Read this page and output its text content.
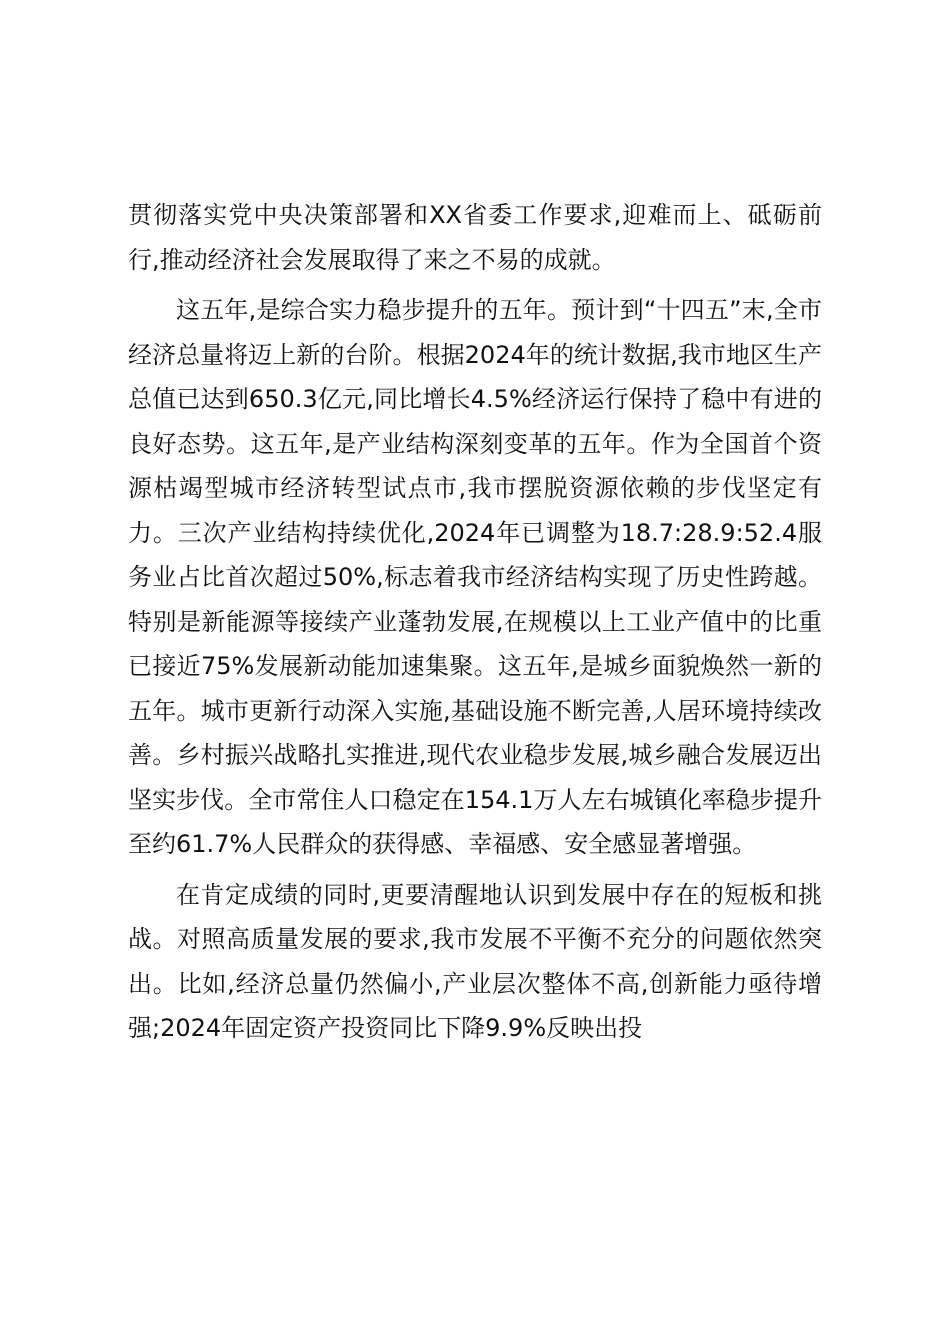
贯彻落实党中央决策部署和XX省委工作要求,迎难而上、砥砺前行,推动经济社会发展取得了来之不易的成就。

这五年,是综合实力稳步提升的五年。预计到“十四五”末,全市经济总量将迈上新的台阶。根据2024年的统计数据,我市地区生产总值已达到650.3亿元,同比增长4.5%经济运行保持了稳中有进的良好态势。这五年,是产业结构深刻变革的五年。作为全国首个资源枯竭型城市经济转型试点市,我市摆脱资源依赖的步伐坚定有力。三次产业结构持续优化,2024年已调整为18.7:28.9:52.4服务业占比首次超过50%,标志着我市经济结构实现了历史性跨越。特别是新能源等接续产业蓬勃发展,在规模以上工业产值中的比重已接近75%发展新动能加速集聚。这五年,是城乡面貌焕然一新的五年。城市更新行动深入实施,基础设施不断完善,人居环境持续改善。乡村振兴战略扎实推进,现代农业稳步发展,城乡融合发展迈出坚实步伐。全市常住人口稳定在154.1万人左右城镇化率稳步提升至约61.7%人民群众的获得感、幸福感、安全感显著增强。

在肯定成绩的同时,更要清醒地认识到发展中存在的短板和挑战。对照高质量发展的要求,我市发展不平衡不充分的问题依然突出。比如,经济总量仍然偏小,产业层次整体不高,创新能力亟待增强;2024年固定资产投资同比下降9.9%反映出投
